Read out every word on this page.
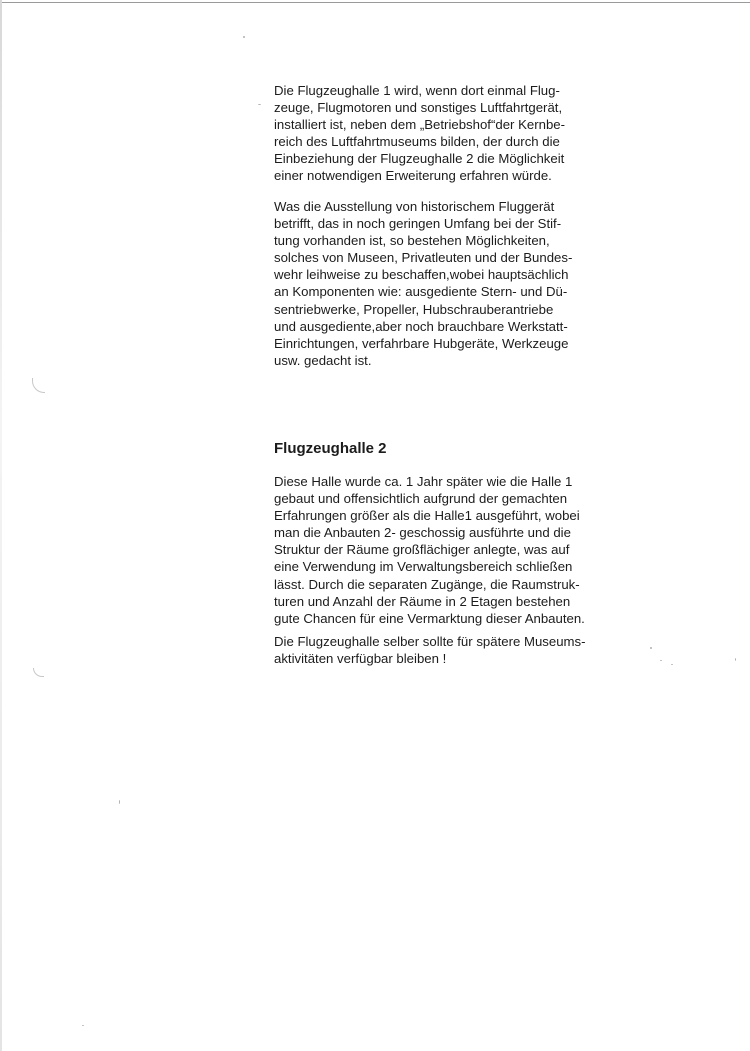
Die Flugzeughalle 1 wird, wenn dort einmal Flug-
zeuge, Flugmotoren und sonstiges Luftfahrtgerät,
installiert ist, neben dem „Betriebshof“der Kernbe-
reich des Luftfahrtmuseums bilden, der durch die
Einbeziehung der Flugzeughalle 2 die Möglichkeit
einer notwendigen Erweiterung erfahren würde.

Was die Ausstellung von historischem Fluggerät
betrifft, das in noch geringen Umfang bei der Stif-
tung vorhanden ist, so bestehen Möglichkeiten,
solches von Museen, Privatleuten und der Bundes-
wehr leihweise zu beschaffen,wobei hauptsächlich
an Komponenten wie: ausgediente Stern- und Dü-
sentriebwerke, Propeller, Hubschrauberantriebe
und ausgediente,aber noch brauchbare Werkstatt-
Einrichtungen, verfahrbare Hubgeräte, Werkzeuge
usw. gedacht ist.

Flugzeughalle 2

Diese Halle wurde ca. 1 Jahr später wie die Halle 1
gebaut und offensichtlich aufgrund der gemachten
Erfahrungen größer als die Halle1 ausgeführt, wobei
man die Anbauten 2- geschossig ausführte und die
Struktur der Räume großflächiger anlegte, was auf
eine Verwendung im Verwaltungsbereich schließen
lässt. Durch die separaten Zugänge, die Raumstruk-
turen und Anzahl der Räume in 2 Etagen bestehen
gute Chancen für eine Vermarktung dieser Anbauten.

Die Flugzeughalle selber sollte für spätere Museums-
aktivitäten verfügbar bleiben !
